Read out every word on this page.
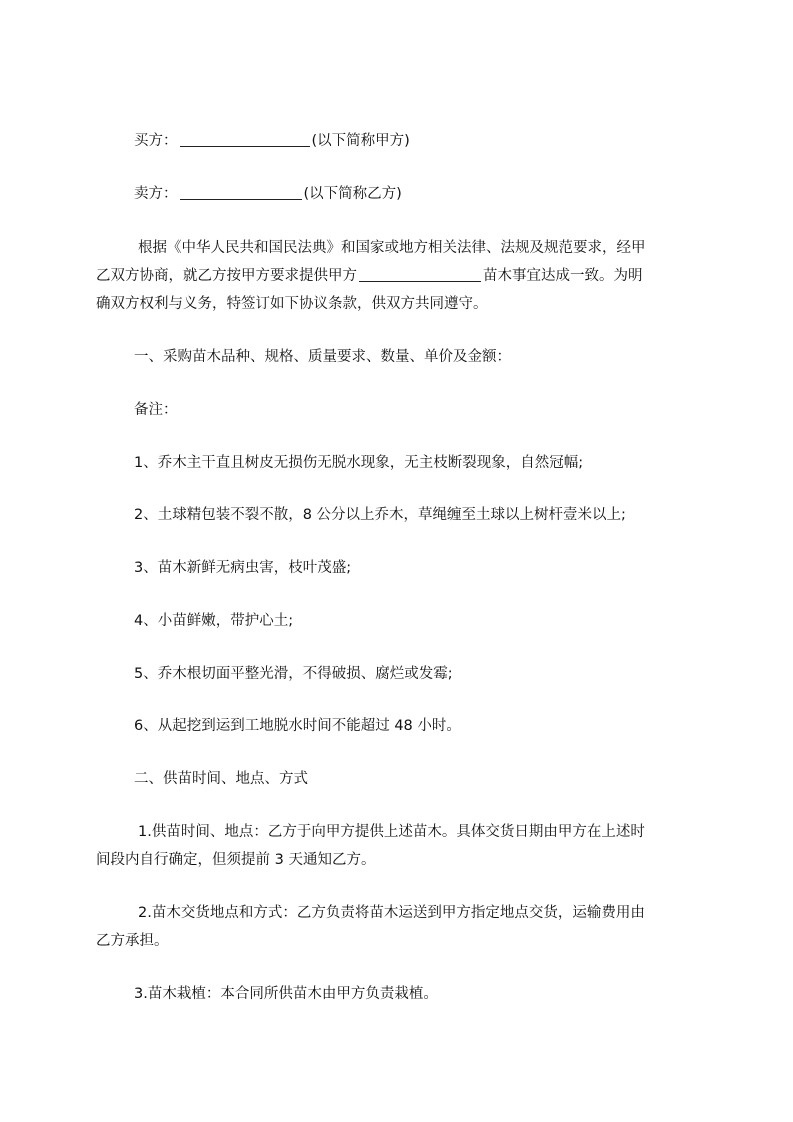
买方：	(以下简称甲方)
卖方：	(以下简称乙方)
根据《中华人民共和国民法典》和国家或地方相关法律、法规及规范要求，经甲
乙双方协商，就乙方按甲方要求提供甲方	苗木事宜达成一致。为明
确双方权利与义务，特签订如下协议条款，供双方共同遵守。
一、采购苗木品种、规格、质量要求、数量、单价及金额：
备注：
1、乔木主干直且树皮无损伤无脱水现象，无主枝断裂现象，自然冠幅;
2、土球精包装不裂不散，8 公分以上乔木，草绳缠至土球以上树杆壹米以上;
3、苗木新鲜无病虫害，枝叶茂盛;
4、小苗鲜嫩，带护心土;
5、乔木根切面平整光滑，不得破损、腐烂或发霉;
6、从起挖到运到工地脱水时间不能超过 48 小时。
二、供苗时间、地点、方式
1.供苗时间、地点：乙方于向甲方提供上述苗木。具体交货日期由甲方在上述时
间段内自行确定，但须提前 3 天通知乙方。
2.苗木交货地点和方式：乙方负责将苗木运送到甲方指定地点交货，运输费用由
乙方承担。
3.苗木栽植：本合同所供苗木由甲方负责栽植。
